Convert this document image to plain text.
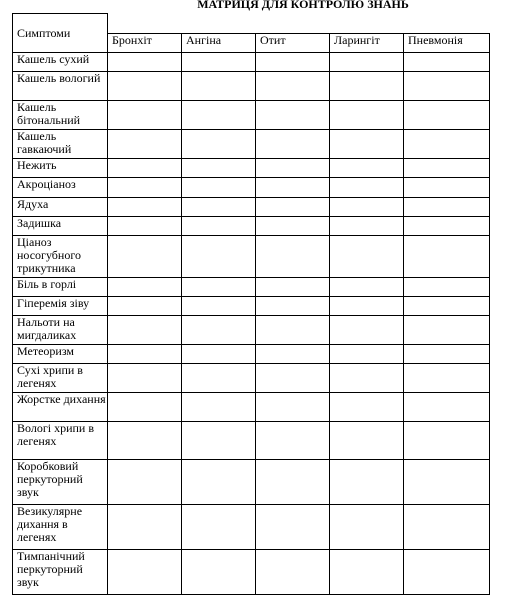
МАТРИЦЯ ДЛЯ КОНТРОЛЮ ЗНАНЬ
Симптоми					
	Бронхіт	Ангіна	Отит	Ларингіт	Пневмонія
Кашель сухий					
Кашель вологий					
Кашель бітональний					
Кашель гавкаючий					
Нежить					
Акроціаноз					
Ядуха					
Задишка					
Ціаноз носогубного трикутника					
Біль в горлі					
Гіперемія зіву					
Нальоти на мигдаликах					
Метеоризм					
Сухі хрипи в легенях					
Жорстке дихання					
Вологі хрипи в легенях					
Коробковий перкуторний звук					
Везикулярне дихання в легенях					
Тимпанічний перкуторний звук					
